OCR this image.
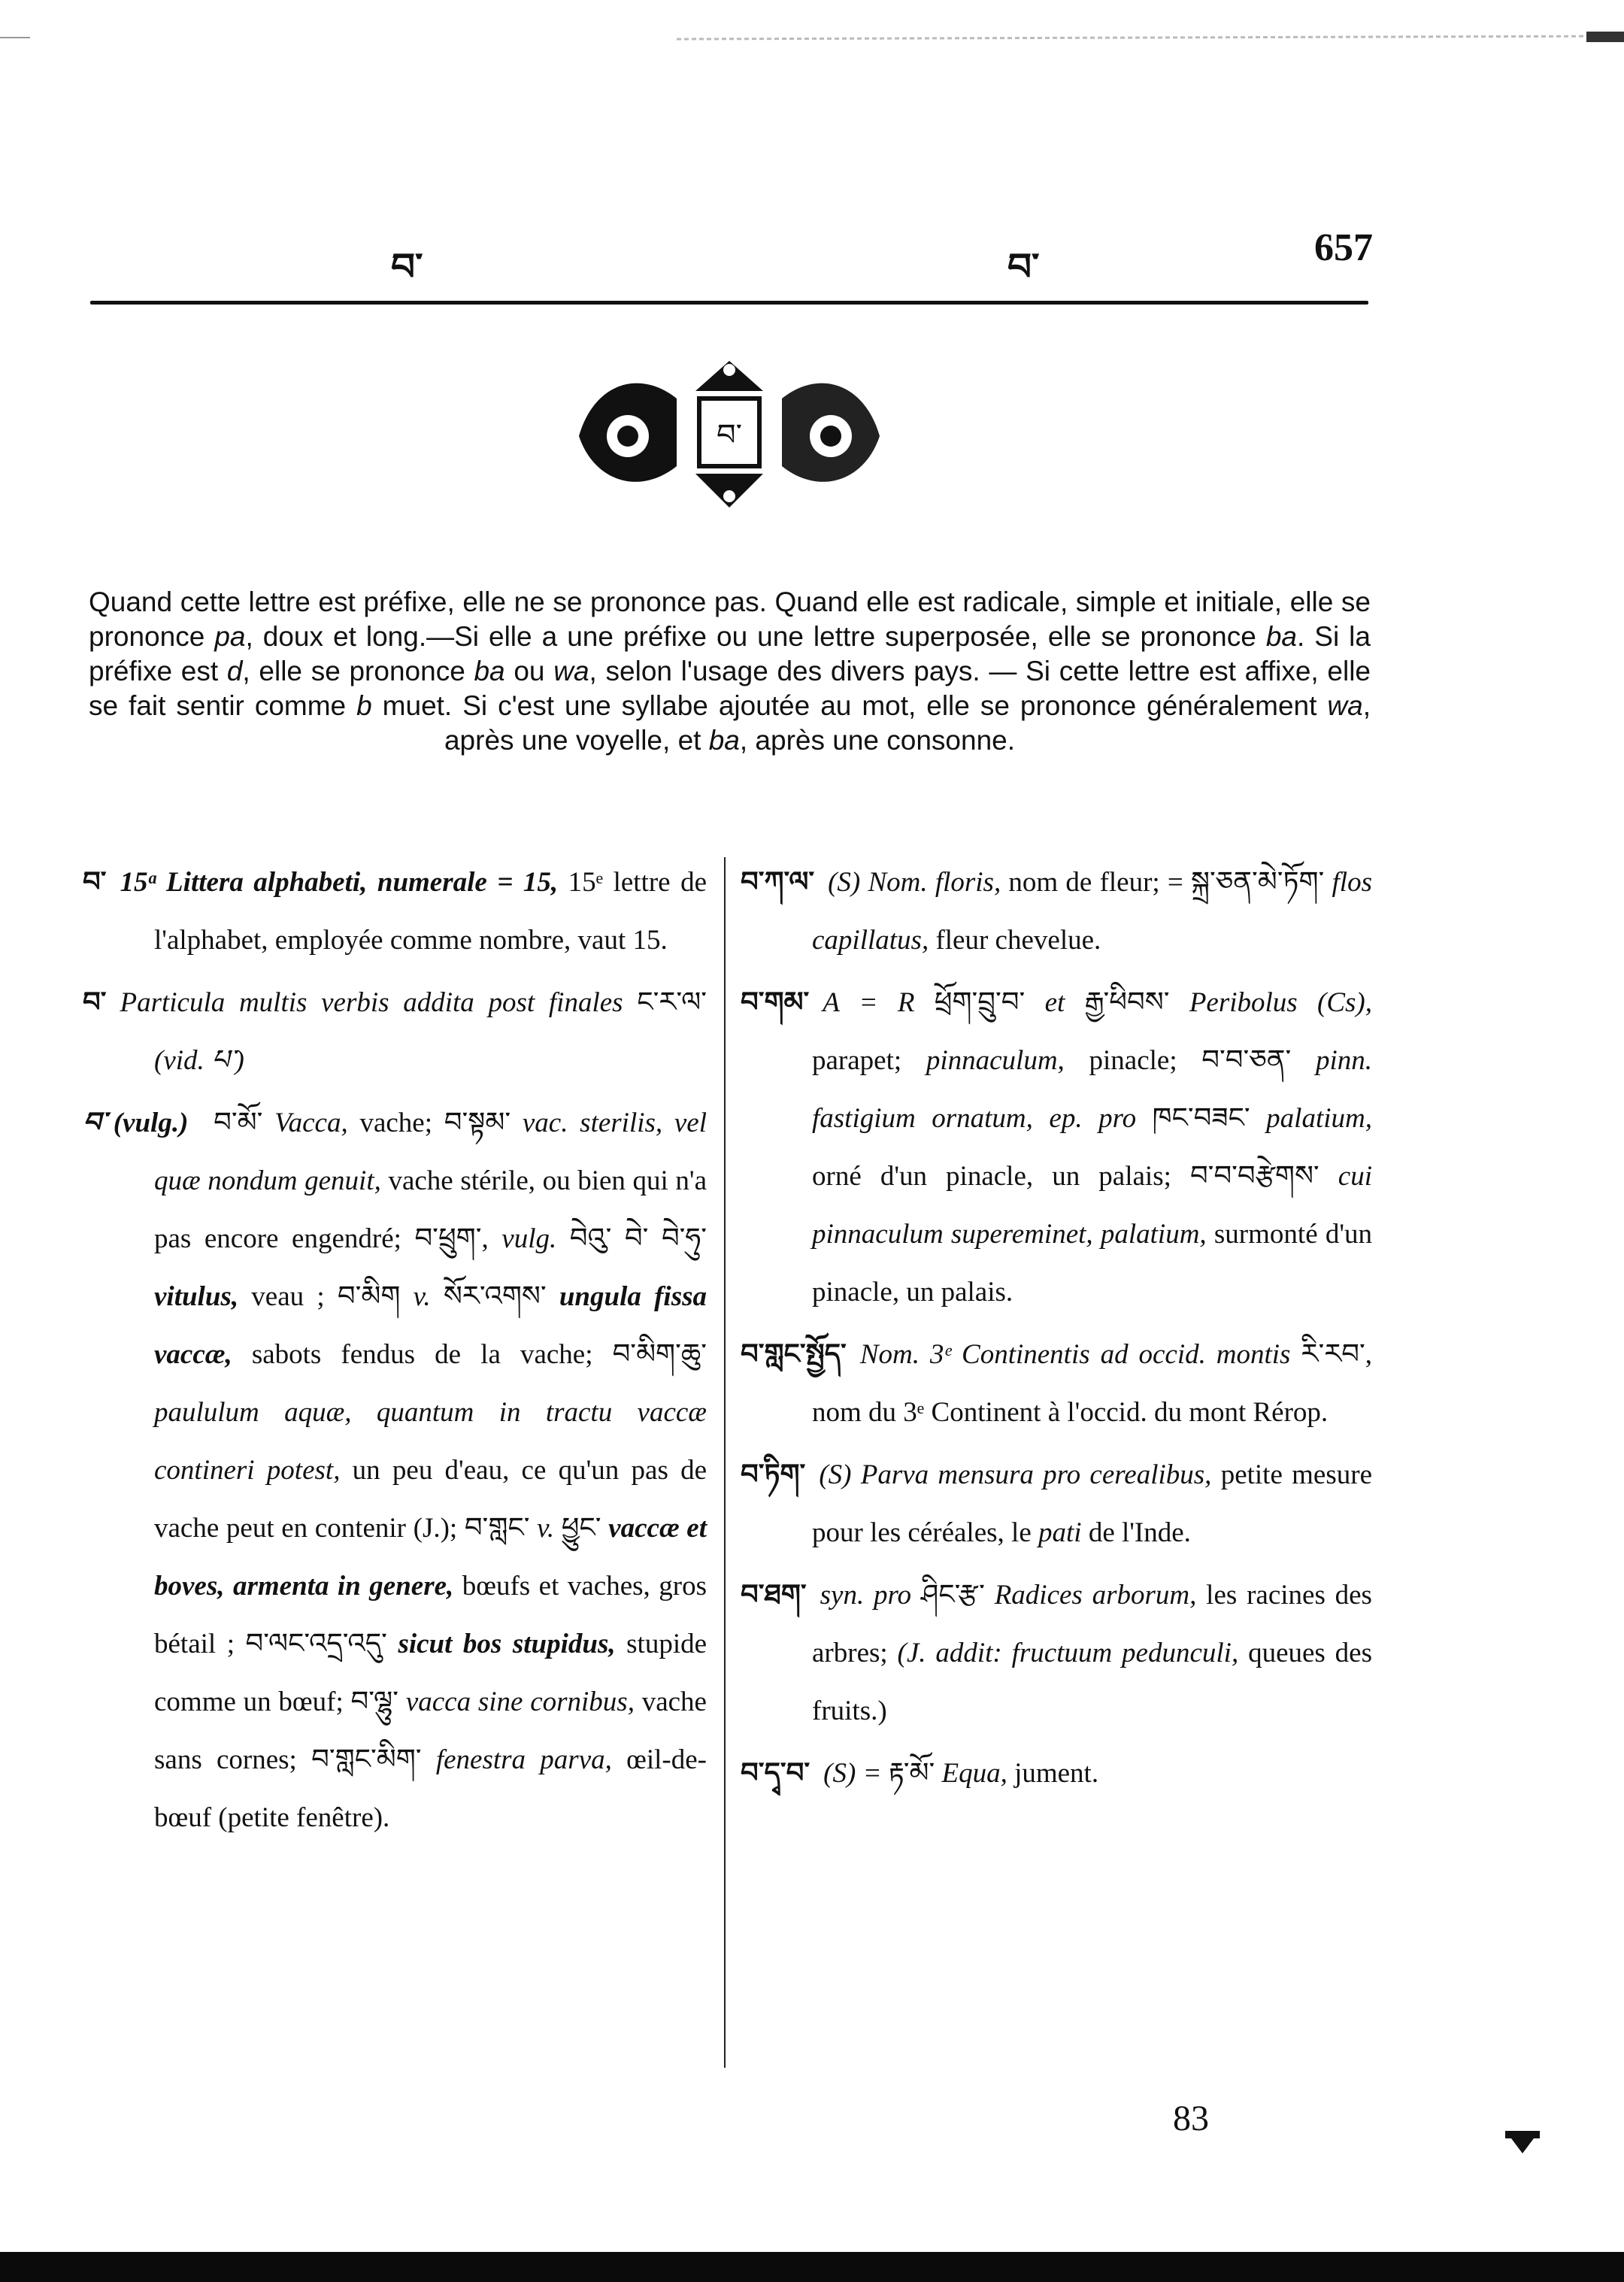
བ་	བ་	657
བ་
Quand cette lettre est préfixe, elle ne se prononce pas. Quand elle est radicale, simple et initiale, elle se prononce pa, doux et long.—Si elle a une préfixe ou une lettre superposée, elle se prononce ba. Si la préfixe est d, elle se prononce ba ou wa, selon l'usage des divers pays. — Si cette lettre est affixe, elle se fait sentir comme b muet. Si c'est une syllabe ajoutée au mot, elle se prononce généralement wa, après une voyelle, et ba, après une consonne.

བ་ 15ᵃ Littera alphabeti, numerale = 15, 15ᵉ lettre de l'alphabet, employée comme nombre, vaut 15.

བ་ Particula multis verbis addita post finales ང་ར་ལ་ (vid. པ་)

བ་ (vulg.) བ་མོ་ Vacca, vache; བ་སྟམ་ vac. sterilis, vel quæ nondum genuit, vache stérile, ou bien qui n'a pas encore engendré; བ་ཕྲུག་, vulg. བེའུ་ བེ་ བེ་ཧུ་ vitulus, veau ; བ་མིག v. སོར་འགས་ ungula fissa vaccæ, sabots fendus de la vache; བ་མིག་ཆུ་ paululum aquæ, quantum in tractu vaccæ contineri potest, un peu d'eau, ce qu'un pas de vache peut en contenir (J.); བ་གླང་ v. ཕྱུང་ vaccæ et boves, armenta in genere, bœufs et vaches, gros bétail ; བ་ལང་འདྲ་འདུ་ sicut bos stupidus, stupide comme un bœuf; བ་ལྷུ་ vacca sine cornibus, vache sans cornes; བ་གླང་མིག་ fenestra parva, œil-de-bœuf (petite fenêtre).

བ་ཀ་ལ་ (S) Nom. floris, nom de fleur; = སྐྲ་ཅན་མེ་ཏོག་ flos capillatus, fleur chevelue.

བ་གམ་ A = R ཕྲོག་བྲུ་བ་ et རྒྱ་ཕིབས་ Peribolus (Cs), parapet; pinnaculum, pinacle; བ་བ་ཅན་ pinn. fastigium ornatum, ep. pro ཁང་བཟང་ palatium, orné d'un pinacle, un palais; བ་བ་བརྩེགས་ cui pinnaculum supereminet, palatium, surmonté d'un pinacle, un palais.

བ་གླང་སྤྱོད་ Nom. 3ᵉ Continentis ad occid. montis རི་རབ་, nom du 3ᵉ Continent à l'occid. du mont Rérop.

བ་ཏིག་ (S) Parva mensura pro cerealibus, petite mesure pour les céréales, le pati de l'Inde.

བ་ཐག་ syn. pro ཤིང་རྩ་ Radices arborum, les racines des arbres; (J. addit: fructuum pedunculi, queues des fruits.)

བ་དྭ་བ་ (S) = རྟ་མོ་ Equa, jument.

83
